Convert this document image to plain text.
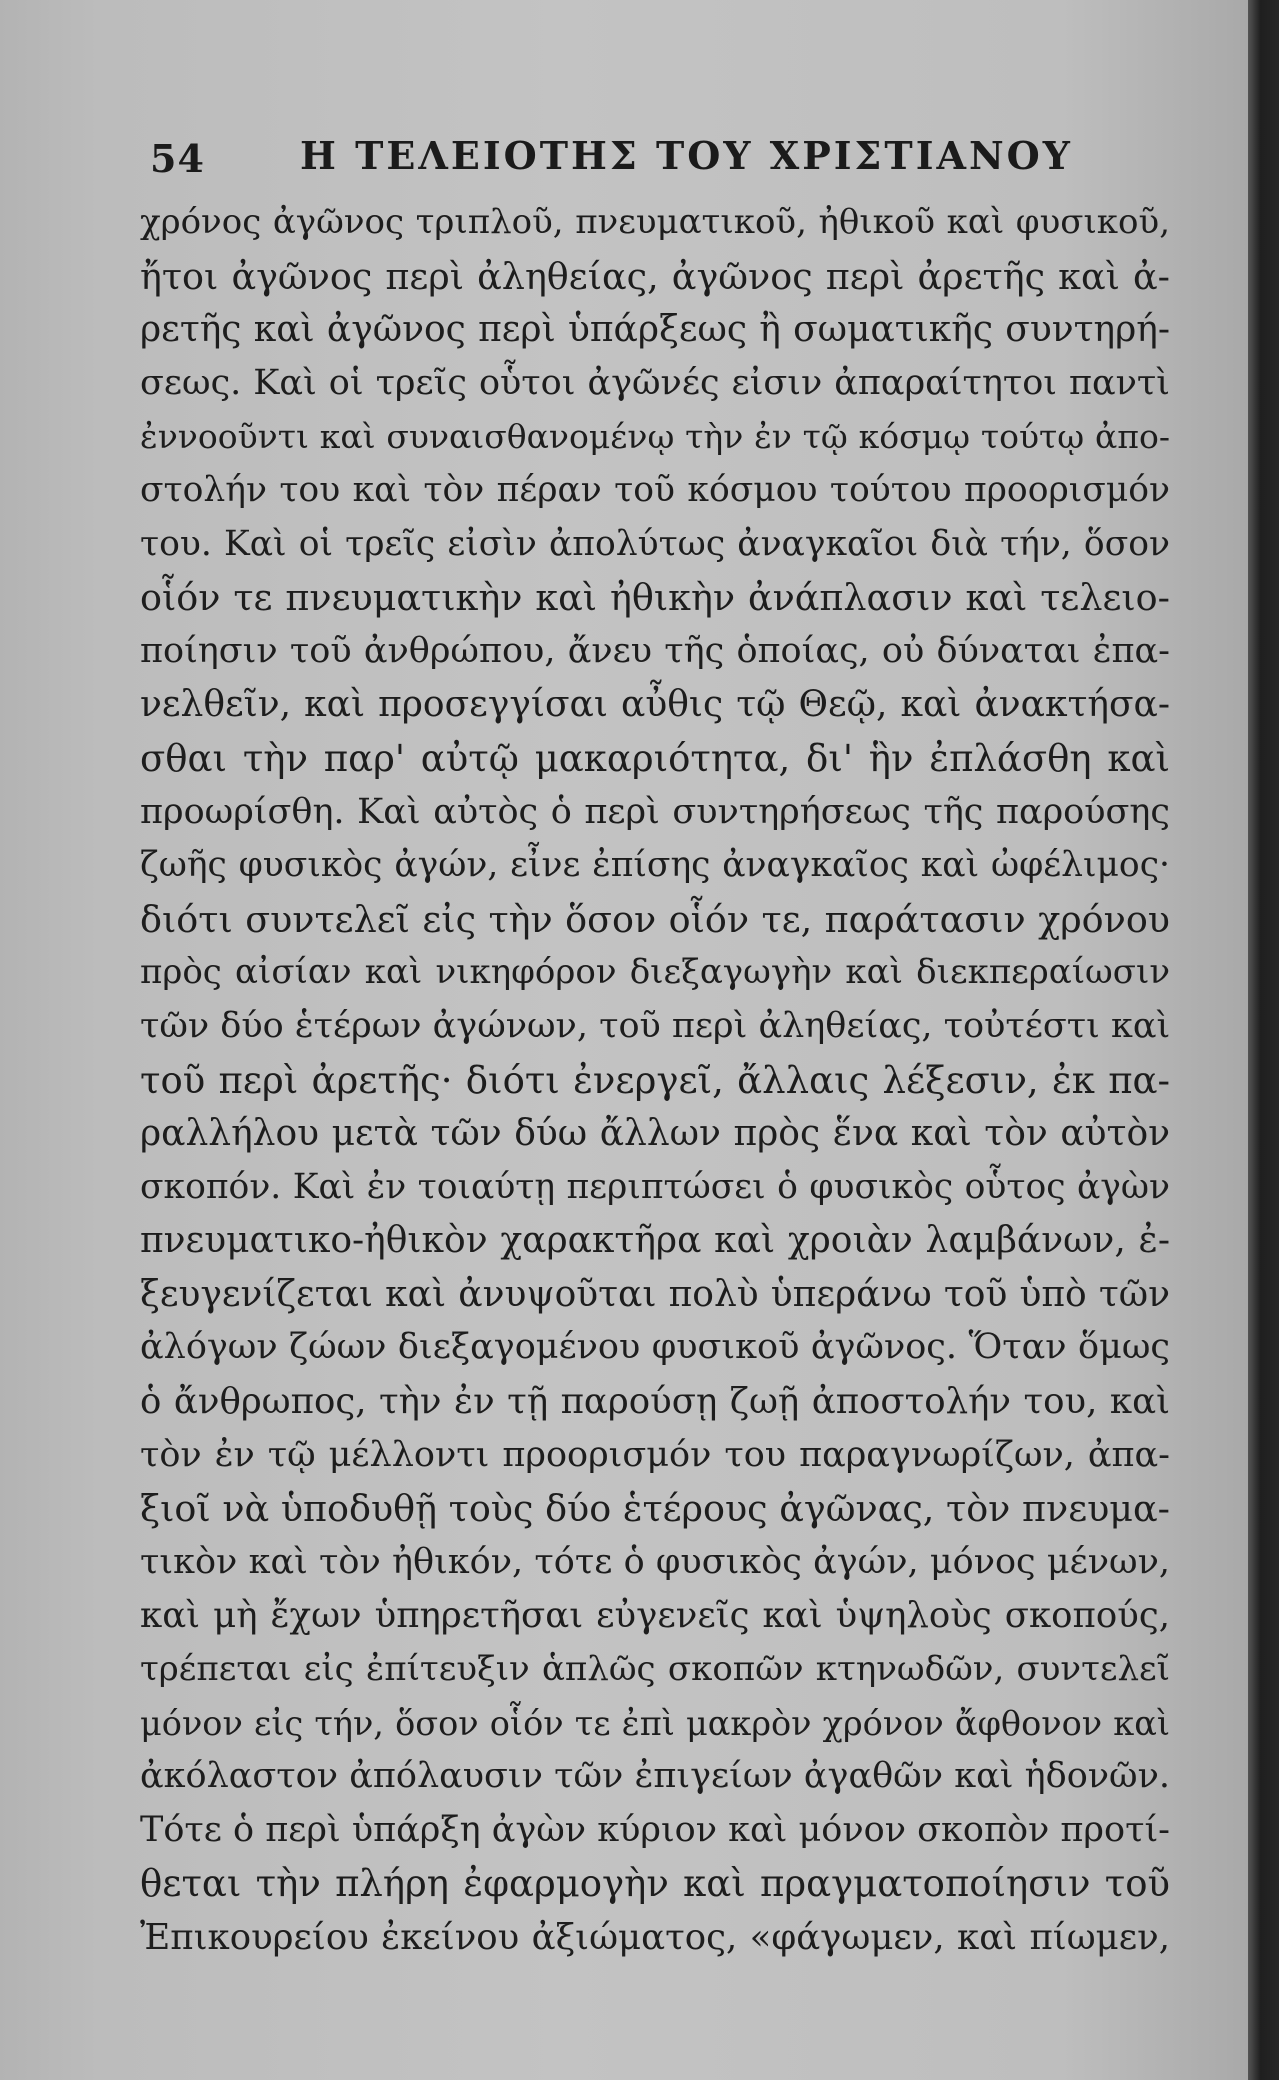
54	Η ΤΕΛΕΙΟΤΗΣ ΤΟΥ ΧΡΙΣΤΙΑΝΟΥ
χρόνος ἀγῶνος τριπλοῦ, πνευματικοῦ, ἠθικοῦ καὶ φυσικοῦ,
ἤτοι ἀγῶνος περὶ ἀληθείας, ἀγῶνος περὶ ἀρετῆς καὶ ἀ-
ρετῆς καὶ ἀγῶνος περὶ ὑπάρξεως ἢ σωματικῆς συντηρή-
σεως. Καὶ οἱ τρεῖς οὗτοι ἀγῶνές εἰσιν ἀπαραίτητοι παντὶ
ἐννοοῦντι καὶ συναισθανομένῳ τὴν ἐν τῷ κόσμῳ τούτῳ ἀπο-
στολήν του καὶ τὸν πέραν τοῦ κόσμου τούτου προορισμόν
του. Καὶ οἱ τρεῖς εἰσὶν ἀπολύτως ἀναγκαῖοι διὰ τήν, ὅσον
οἷόν τε πνευματικὴν καὶ ἠθικὴν ἀνάπλασιν καὶ τελειο-
ποίησιν τοῦ ἀνθρώπου, ἄνευ τῆς ὁποίας, οὐ δύναται ἐπα-
νελθεῖν, καὶ προσεγγίσαι αὖθις τῷ Θεῷ, καὶ ἀνακτήσα-
σθαι τὴν παρ' αὐτῷ μακαριότητα, δι' ἣν ἐπλάσθη καὶ
προωρίσθη. Καὶ αὐτὸς ὁ περὶ συντηρήσεως τῆς παρούσης
ζωῆς φυσικὸς ἀγών, εἶνε ἐπίσης ἀναγκαῖος καὶ ὠφέλιμος·
διότι συντελεῖ εἰς τὴν ὅσον οἷόν τε, παράτασιν χρόνου
πρὸς αἰσίαν καὶ νικηφόρον διεξαγωγὴν καὶ διεκπεραίωσιν
τῶν δύο ἑτέρων ἀγώνων, τοῦ περὶ ἀληθείας, τοὐτέστι καὶ
τοῦ περὶ ἀρετῆς· διότι ἐνεργεῖ, ἄλλαις λέξεσιν, ἐκ πα-
ραλλήλου μετὰ τῶν δύω ἄλλων πρὸς ἕνα καὶ τὸν αὐτὸν
σκοπόν. Καὶ ἐν τοιαύτῃ περιπτώσει ὁ φυσικὸς οὗτος ἀγὼν
πνευματικο-ἠθικὸν χαρακτῆρα καὶ χροιὰν λαμβάνων, ἐ-
ξευγενίζεται καὶ ἀνυψοῦται πολὺ ὑπεράνω τοῦ ὑπὸ τῶν
ἀλόγων ζώων διεξαγομένου φυσικοῦ ἀγῶνος. Ὅταν ὅμως
ὁ ἄνθρωπος, τὴν ἐν τῇ παρούσῃ ζωῇ ἀποστολήν του, καὶ
τὸν ἐν τῷ μέλλοντι προορισμόν του παραγνωρίζων, ἀπα-
ξιοῖ νὰ ὑποδυθῇ τοὺς δύο ἑτέρους ἀγῶνας, τὸν πνευμα-
τικὸν καὶ τὸν ἠθικόν, τότε ὁ φυσικὸς ἀγών, μόνος μένων,
καὶ μὴ ἔχων ὑπηρετῆσαι εὐγενεῖς καὶ ὑψηλοὺς σκοπούς,
τρέπεται εἰς ἐπίτευξιν ἁπλῶς σκοπῶν κτηνωδῶν, συντελεῖ
μόνον εἰς τήν, ὅσον οἷόν τε ἐπὶ μακρὸν χρόνον ἄφθονον καὶ
ἀκόλαστον ἀπόλαυσιν τῶν ἐπιγείων ἀγαθῶν καὶ ἡδονῶν.
Τότε ὁ περὶ ὑπάρξη ἀγὼν κύριον καὶ μόνον σκοπὸν προτί-
θεται τὴν πλήρη ἐφαρμογὴν καὶ πραγματοποίησιν τοῦ
Ἐπικουρείου ἐκείνου ἀξιώματος, «φάγωμεν, καὶ πίωμεν,
